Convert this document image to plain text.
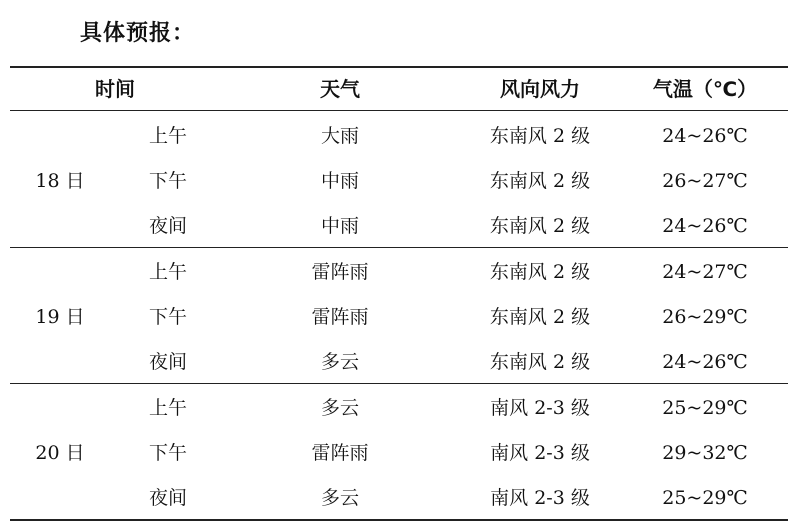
具体预报：
时间	天气	风向风力	气温（℃）
18 日
上午	大雨	东南风 2 级	24~26℃
下午	中雨	东南风 2 级	26~27℃
夜间	中雨	东南风 2 级	24~26℃
19 日
上午	雷阵雨	东南风 2 级	24~27℃
下午	雷阵雨	东南风 2 级	26~29℃
夜间	多云	东南风 2 级	24~26℃
20 日
上午	多云	南风 2-3 级	25~29℃
下午	雷阵雨	南风 2-3 级	29~32℃
夜间	多云	南风 2-3 级	25~29℃
